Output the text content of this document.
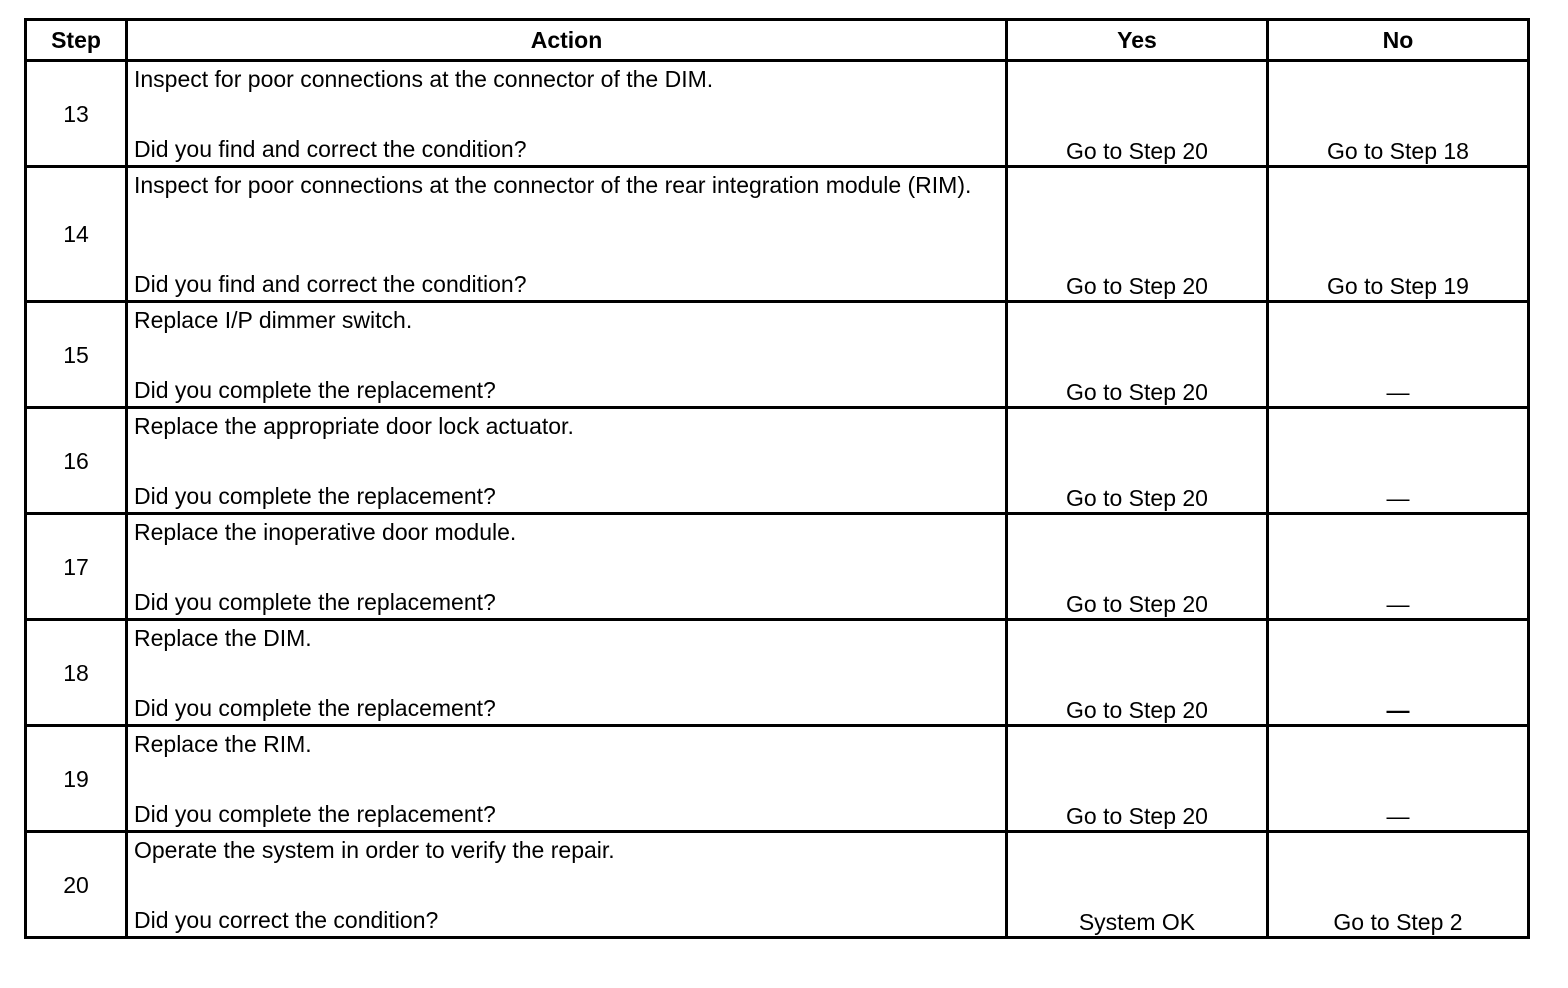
Step	Action	Yes	No
13	Inspect for poor connections at the connector of the DIM.
Did you find and correct the condition?	Go to Step 20	Go to Step 18
14	Inspect for poor connections at the connector of the rear integration module (RIM).
Did you find and correct the condition?	Go to Step 20	Go to Step 19
15	Replace I/P dimmer switch.
Did you complete the replacement?	Go to Step 20	—
16	Replace the appropriate door lock actuator.
Did you complete the replacement?	Go to Step 20	—
17	Replace the inoperative door module.
Did you complete the replacement?	Go to Step 20	—
18	Replace the DIM.
Did you complete the replacement?	Go to Step 20	—
19	Replace the RIM.
Did you complete the replacement?	Go to Step 20	—
20	Operate the system in order to verify the repair.
Did you correct the condition?	System OK	Go to Step 2
